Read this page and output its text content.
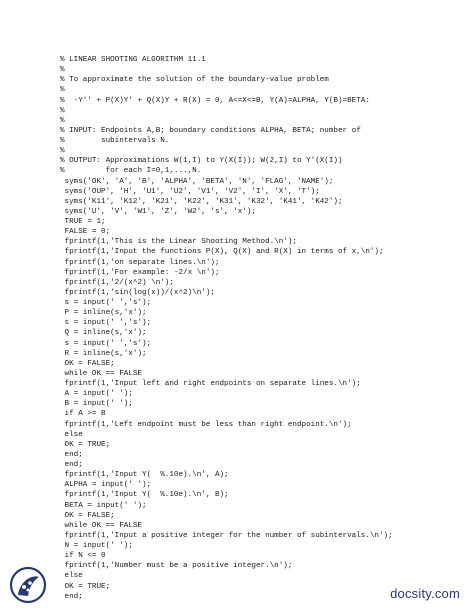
% LINEAR SHOOTING ALGORITHM 11.1
%
% To approximate the solution of the boundary-value problem
%
%  -Y'' + P(X)Y' + Q(X)Y + R(X) = 0, A<=X<=B, Y(A)=ALPHA, Y(B)=BETA:
%
%
% INPUT: Endpoints A,B; boundary conditions ALPHA, BETA; number of
%        subintervals N.
%
% OUTPUT: Approximations W(1,I) to Y(X(I)); W(2,I) to Y'(X(I))
%         for each I=0,1,...,N.
syms('OK', 'A', 'B', 'ALPHA', 'BETA', 'N', 'FLAG', 'NAME');
syms('OUP', 'H', 'U1', 'U2', 'V1', 'V2', 'I', 'X', 'T');
syms('K11', 'K12', 'K21', 'K22', 'K31', 'K32', 'K41', 'K42');
syms('U', 'V', 'W1', 'Z', 'W2', 's', 'x');
TRUE = 1;
FALSE = 0;
fprintf(1,'This is the Linear Shooting Method.\n');
fprintf(1,'Input the functions P(X), Q(X) and R(X) in terms of x,\n');
fprintf(1,'on separate lines.\n');
fprintf(1,'For example: -2/x \n');
fprintf(1,'2/(x^2) \n');
fprintf(1,'sin(log(x))/(x^2)\n');
s = input(' ','s');
P = inline(s,'x');
s = input(' ','s');
Q = inline(s,'x');
s = input(' ','s');
R = inline(s,'x');
OK = FALSE;
while OK == FALSE
fprintf(1,'Input left and right endpoints on separate lines.\n');
A = input(' ');
B = input(' ');
if A >= B
fprintf(1,'Left endpoint must be less than right endpoint.\n');
else
OK = TRUE;
end;
end;
fprintf(1,'Input Y(  %.10e).\n', A);
ALPHA = input(' ');
fprintf(1,'Input Y(  %.10e).\n', B);
BETA = input(' ');
OK = FALSE;
while OK == FALSE
fprintf(1,'Input a positive integer for the number of subintervals.\n');
N = input(' ');
if N <= 0
fprintf(1,'Number must be a positive integer.\n');
else
OK = TRUE;
end;	docsity.com
